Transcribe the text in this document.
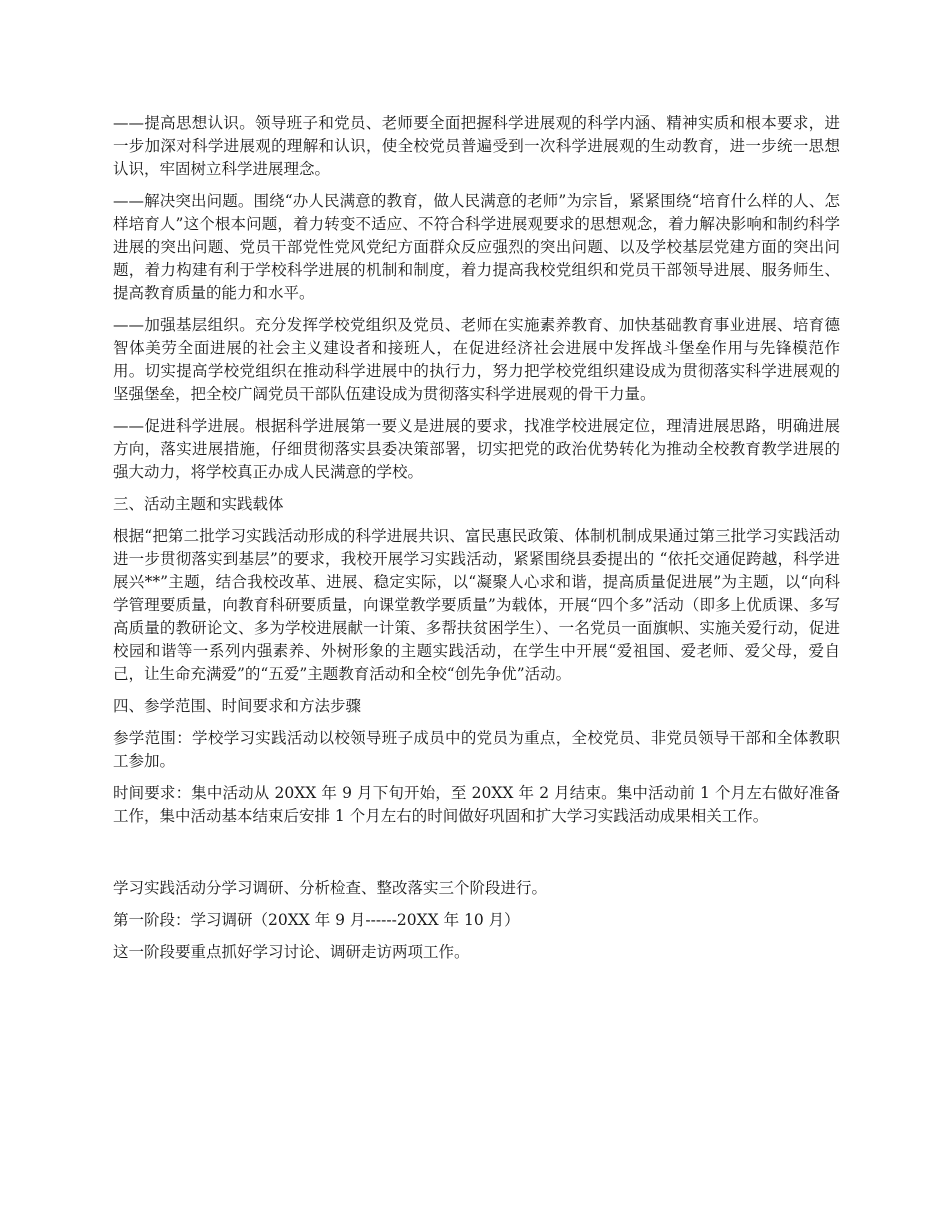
——提高思想认识。领导班子和党员、老师要全面把握科学进展观的科学内涵、精神实质和根本要求，进一步加深对科学进展观的理解和认识，使全校党员普遍受到一次科学进展观的生动教育，进一步统一思想认识，牢固树立科学进展理念。

——解决突出问题。围绕“办人民满意的教育，做人民满意的老师”为宗旨，紧紧围绕“培育什么样的人、怎样培育人”这个根本问题，着力转变不适应、不符合科学进展观要求的思想观念，着力解决影响和制约科学进展的突出问题、党员干部党性党风党纪方面群众反应强烈的突出问题、以及学校基层党建方面的突出问题，着力构建有利于学校科学进展的机制和制度，着力提高我校党组织和党员干部领导进展、服务师生、提高教育质量的能力和水平。

——加强基层组织。充分发挥学校党组织及党员、老师在实施素养教育、加快基础教育事业进展、培育德智体美劳全面进展的社会主义建设者和接班人，在促进经济社会进展中发挥战斗堡垒作用与先锋模范作用。切实提高学校党组织在推动科学进展中的执行力，努力把学校党组织建设成为贯彻落实科学进展观的坚强堡垒，把全校广阔党员干部队伍建设成为贯彻落实科学进展观的骨干力量。

——促进科学进展。根据科学进展第一要义是进展的要求，找准学校进展定位，理清进展思路，明确进展方向，落实进展措施，仔细贯彻落实县委决策部署，切实把党的政治优势转化为推动全校教育教学进展的强大动力，将学校真正办成人民满意的学校。

三、活动主题和实践载体

根据“把第二批学习实践活动形成的科学进展共识、富民惠民政策、体制机制成果通过第三批学习实践活动进一步贯彻落实到基层”的要求，我校开展学习实践活动，紧紧围绕县委提出的 “依托交通促跨越，科学进展兴**”主题，结合我校改革、进展、稳定实际，以“凝聚人心求和谐，提高质量促进展”为主题，以“向科学管理要质量，向教育科研要质量，向课堂教学要质量”为载体，开展“四个多”活动（即多上优质课、多写高质量的教研论文、多为学校进展献一计策、多帮扶贫困学生）、一名党员一面旗帜、实施关爱行动，促进校园和谐等一系列内强素养、外树形象的主题实践活动，在学生中开展“爱祖国、爱老师、爱父母，爱自己，让生命充满爱”的“五爱”主题教育活动和全校“创先争优”活动。

四、参学范围、时间要求和方法步骤

参学范围：学校学习实践活动以校领导班子成员中的党员为重点，全校党员、非党员领导干部和全体教职工参加。

时间要求：集中活动从 20XX 年 9 月下旬开始，至 20XX 年 2 月结束。集中活动前 1 个月左右做好准备工作，集中活动基本结束后安排 1 个月左右的时间做好巩固和扩大学习实践活动成果相关工作。

学习实践活动分学习调研、分析检查、整改落实三个阶段进行。

第一阶段：学习调研（20XX 年 9 月------20XX 年 10 月）

这一阶段要重点抓好学习讨论、调研走访两项工作。
